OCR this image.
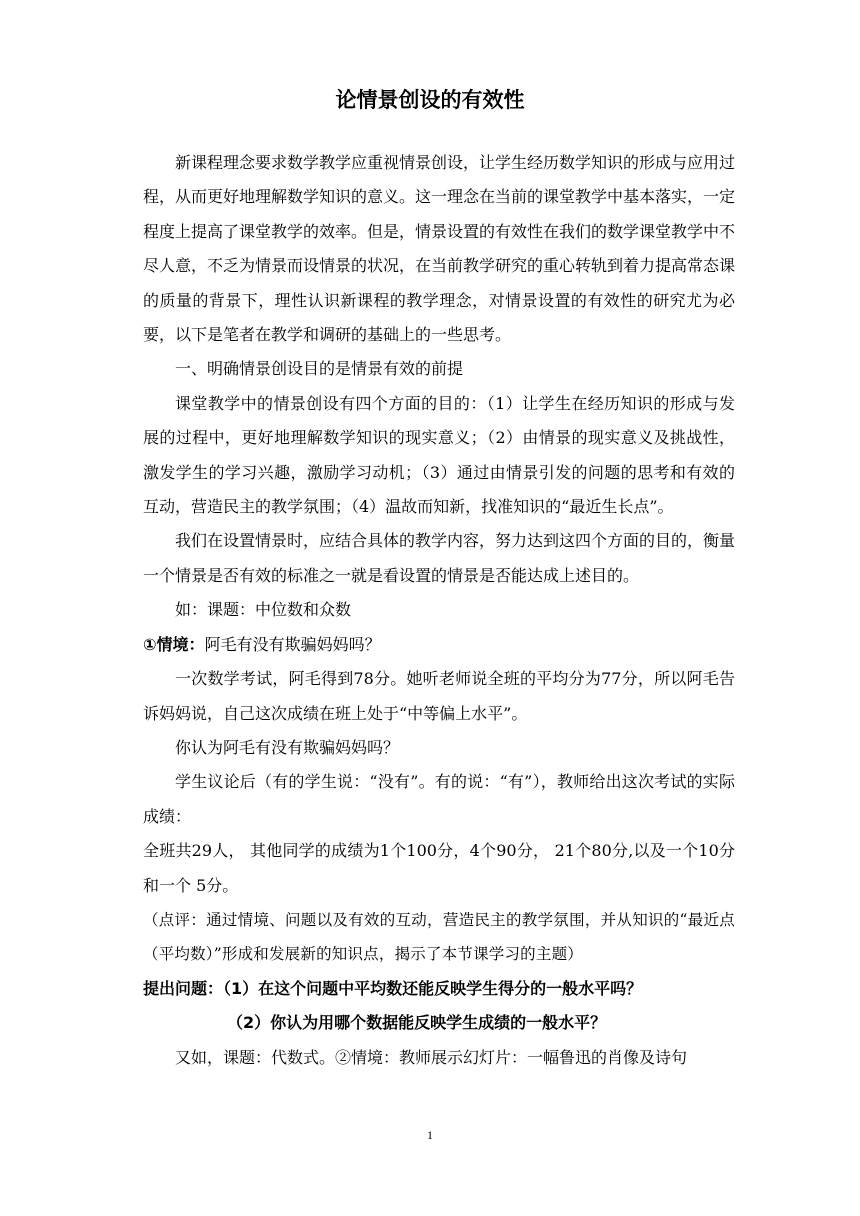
论情景创设的有效性

新课程理念要求数学教学应重视情景创设，让学生经历数学知识的形成与应用过程，从而更好地理解数学知识的意义。这一理念在当前的课堂教学中基本落实，一定程度上提高了课堂教学的效率。但是，情景设置的有效性在我们的数学课堂教学中不尽人意，不乏为情景而设情景的状况，在当前教学研究的重心转轨到着力提高常态课的质量的背景下，理性认识新课程的教学理念，对情景设置的有效性的研究尤为必要，以下是笔者在教学和调研的基础上的一些思考。

一、明确情景创设目的是情景有效的前提

课堂教学中的情景创设有四个方面的目的：（1）让学生在经历知识的形成与发展的过程中，更好地理解数学知识的现实意义；（2）由情景的现实意义及挑战性，激发学生的学习兴趣，激励学习动机；（3）通过由情景引发的问题的思考和有效的互动，营造民主的教学氛围；（4）温故而知新，找准知识的“最近生长点”。

我们在设置情景时，应结合具体的教学内容，努力达到这四个方面的目的，衡量一个情景是否有效的标准之一就是看设置的情景是否能达成上述目的。

如：课题：中位数和众数

①情境：阿毛有没有欺骗妈妈吗？

一次数学考试，阿毛得到78分。她听老师说全班的平均分为77分，所以阿毛告诉妈妈说，自己这次成绩在班上处于“中等偏上水平”。

你认为阿毛有没有欺骗妈妈吗？

学生议论后（有的学生说：“没有”。有的说：“有”），教师给出这次考试的实际成绩：

全班共29人， 其他同学的成绩为1个100分，4个90分， 21个80分,以及一个10分和一个 5分。

（点评：通过情境、问题以及有效的互动，营造民主的教学氛围，并从知识的“最近点（平均数）”形成和发展新的知识点，揭示了本节课学习的主题）

提出问题：（1）在这个问题中平均数还能反映学生得分的一般水平吗？

（2）你认为用哪个数据能反映学生成绩的一般水平？

又如，课题：代数式。②情境：教师展示幻灯片：一幅鲁迅的肖像及诗句

1
